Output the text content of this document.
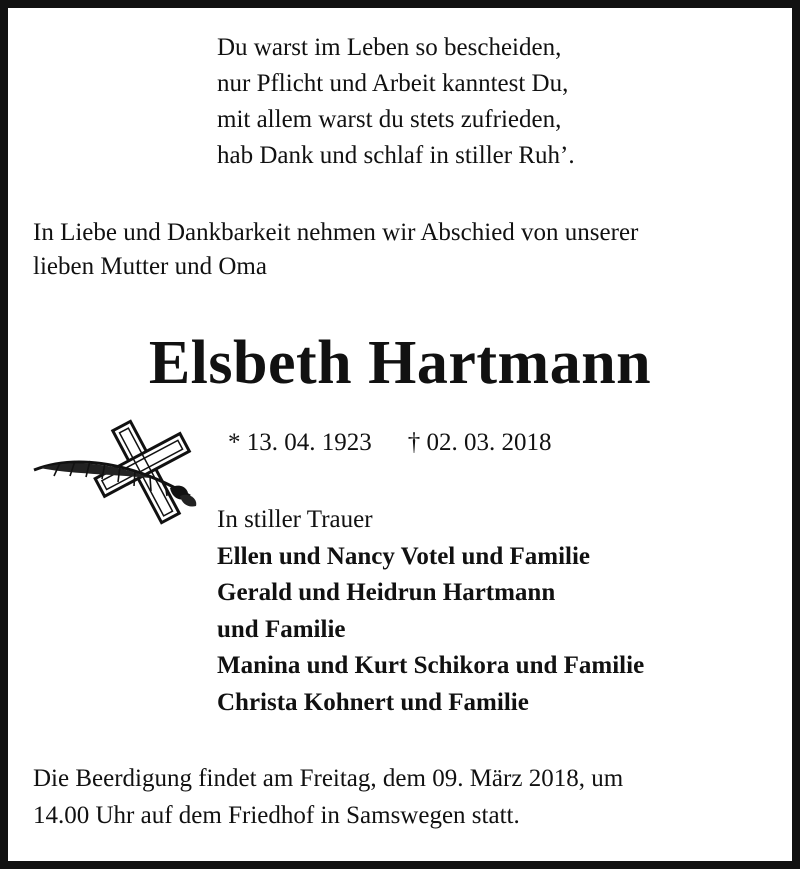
Du warst im Leben so bescheiden,
nur Pflicht und Arbeit kanntest Du,
mit allem warst du stets zufrieden,
hab Dank und schlaf in stiller Ruh’.
In Liebe und Dankbarkeit nehmen wir Abschied von unserer
lieben Mutter und Oma
Elsbeth Hartmann
* 13. 04. 1923 † 02. 03. 2018
In stiller Trauer
Ellen und Nancy Votel und Familie
Gerald und Heidrun Hartmann
und Familie
Manina und Kurt Schikora und Familie
Christa Kohnert und Familie
Die Beerdigung findet am Freitag, dem 09. März 2018, um
14.00 Uhr auf dem Friedhof in Samswegen statt.
